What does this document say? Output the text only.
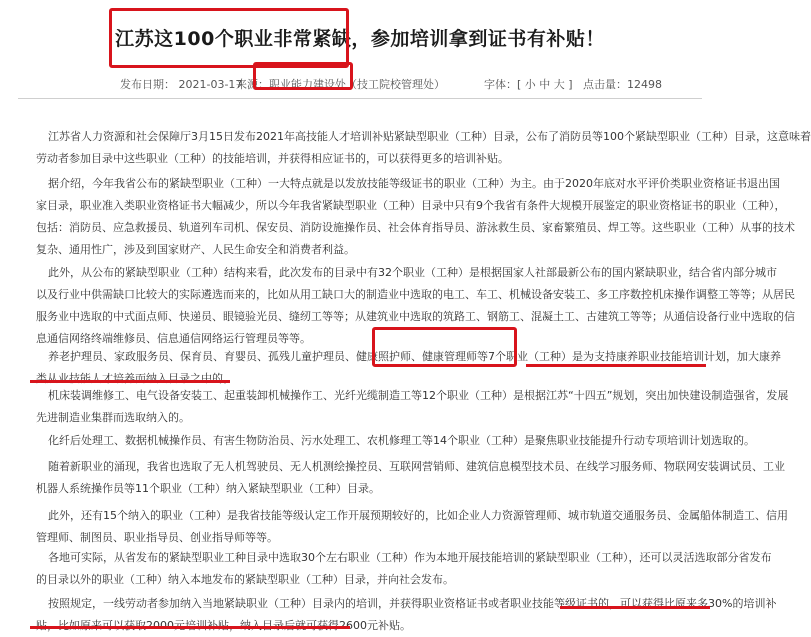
江苏这100个职业非常紧缺，参加培训拿到证书有补贴！
发布日期： 2021-03-17
来源：职业能力建设处（技工院校管理处）	字体：[ 小 中 大 ] 点击量：12498
江苏省人力资源和社会保障厅3月15日发布2021年高技能人才培训补贴紧缺型职业（工种）目录，公布了消防员等100个紧缺型职业（工种）目录，这意味着
劳动者参加目录中这些职业（工种）的技能培训，并获得相应证书的，可以获得更多的培训补贴。
据介绍，今年我省公布的紧缺型职业（工种）一大特点就是以发放技能等级证书的职业（工种）为主。由于2020年底对水平评价类职业资格证书退出国
家目录，职业准入类职业资格证书大幅减少，所以今年我省紧缺型职业（工种）目录中只有9个我省有条件大规模开展鉴定的职业资格证书的职业（工种），
包括：消防员、应急救援员、轨道列车司机、保安员、消防设施操作员、社会体育指导员、游泳救生员、家畜繁殖员、焊工等。这些职业（工种）从事的技术
复杂、通用性广，涉及到国家财产、人民生命安全和消费者利益。
此外，从公布的紧缺型职业（工种）结构来看，此次发布的目录中有32个职业（工种）是根据国家人社部最新公布的国内紧缺职业，结合省内部分城市
以及行业中供需缺口比较大的实际遴选而来的，比如从用工缺口大的制造业中选取的电工、车工、机械设备安装工、多工序数控机床操作调整工等等；从居民
服务业中选取的中式面点师、快递员、眼镜验光员、缝纫工等等；从建筑业中选取的筑路工、钢筋工、混凝土工、古建筑工等等；从通信设备行业中选取的信
息通信网络终端维修员、信息通信网络运行管理员等等。
养老护理员、家政服务员、保育员、育婴员、孤残儿童护理员、健康照护师、健康管理师等7个职业（工种）是为支持康养职业技能培训计划，加大康养
类从业技能人才培养而纳入目录之中的。
机床装调维修工、电气设备安装工、起重装卸机械操作工、光纤光缆制造工等12个职业（工种）是根据江苏“十四五”规划，突出加快建设制造强省，发展
先进制造业集群而选取纳入的。
化纤后处理工、数据机械操作员、有害生物防治员、污水处理工、农机修理工等14个职业（工种）是聚焦职业技能提升行动专项培训计划选取的。
随着新职业的涌现，我省也选取了无人机驾驶员、无人机测绘操控员、互联网营销师、建筑信息模型技术员、在线学习服务师、物联网安装调试员、工业
机器人系统操作员等11个职业（工种）纳入紧缺型职业（工种）目录。
此外，还有15个纳入的职业（工种）是我省技能等级认定工作开展预期较好的，比如企业人力资源管理师、城市轨道交通服务员、金属船体制造工、信用
管理师、制图员、职业指导员、创业指导师等等。
各地可实际，从省发布的紧缺型职业工种目录中选取30个左右职业（工种）作为本地开展技能培训的紧缺型职业（工种），还可以灵活选取部分省发布
的目录以外的职业（工种）纳入本地发布的紧缺型职业（工种）目录，并向社会发布。
按照规定，一线劳动者参加纳入当地紧缺职业（工种）目录内的培训，并获得职业资格证书或者职业技能等级证书的，可以获得比原来多30%的培训补
贴，比如原来可以获取2000元培训补贴，纳入目录后就可获得2600元补贴。
